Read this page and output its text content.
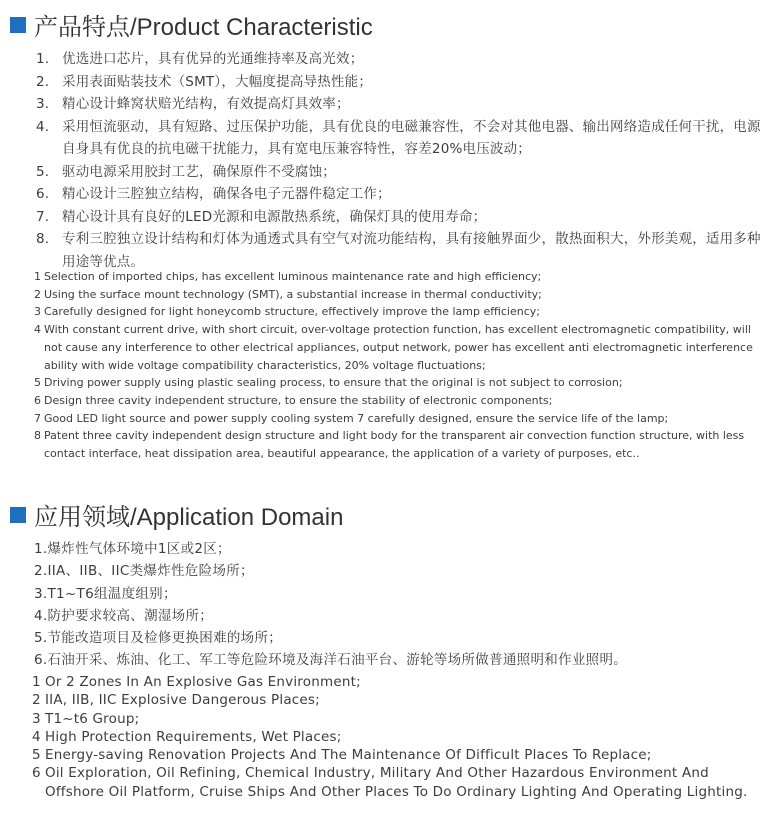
产品特点/Product Characteristic
1. 优选进口芯片，具有优异的光通维持率及高光效；
2. 采用表面贴装技术（SMT），大幅度提高导热性能；
3. 精心设计蜂窝状赔光结构，有效提高灯具效率；
4. 采用恒流驱动，具有短路、过压保护功能，具有优良的电磁兼容性，不会对其他电器、输出网络造成任何干扰，电源自身具有优良的抗电磁干扰能力，具有宽电压兼容特性，容差20%电压波动；
5. 驱动电源采用胶封工艺，确保原件不受腐蚀；
6. 精心设计三腔独立结构，确保各电子元器件稳定工作；
7. 精心设计具有良好的LED光源和电源散热系统，确保灯具的使用寿命；
8. 专利三腔独立设计结构和灯体为通透式具有空气对流功能结构，具有接触界面少，散热面积大，外形美观，适用多种用途等优点。
1 Selection of imported chips, has excellent luminous maintenance rate and high efficiency;
2 Using the surface mount technology (SMT), a substantial increase in thermal conductivity;
3 Carefully designed for light honeycomb structure, effectively improve the lamp efficiency;
4 With constant current drive, with short circuit, over-voltage protection function, has excellent electromagnetic compatibility, will not cause any interference to other electrical appliances, output network, power has excellent anti electromagnetic interference ability with wide voltage compatibility characteristics, 20% voltage fluctuations;
5 Driving power supply using plastic sealing process, to ensure that the original is not subject to corrosion;
6 Design three cavity independent structure, to ensure the stability of electronic components;
7 Good LED light source and power supply cooling system 7 carefully designed, ensure the service life of the lamp;
8 Patent three cavity independent design structure and light body for the transparent air convection function structure, with less contact interface, heat dissipation area, beautiful appearance, the application of a variety of purposes, etc..
应用领域/Application Domain
1.爆炸性气体环境中1区或2区；
2.IIA、IIB、IIC类爆炸性危险场所；
3.T1~T6组温度组别；
4.防护要求较高、潮湿场所；
5.节能改造项目及检修更换困难的场所；
6.石油开采、炼油、化工、军工等危险环境及海洋石油平台、游轮等场所做普通照明和作业照明。
1 Or 2 Zones In An Explosive Gas Environment;
2 IIA, IIB, IIC Explosive Dangerous Places;
3 T1~t6 Group;
4 High Protection Requirements, Wet Places;
5 Energy-saving Renovation Projects And The Maintenance Of Difficult Places To Replace;
6 Oil Exploration, Oil Refining, Chemical Industry, Military And Other Hazardous Environment And Offshore Oil Platform, Cruise Ships And Other Places To Do Ordinary Lighting And Operating Lighting.
